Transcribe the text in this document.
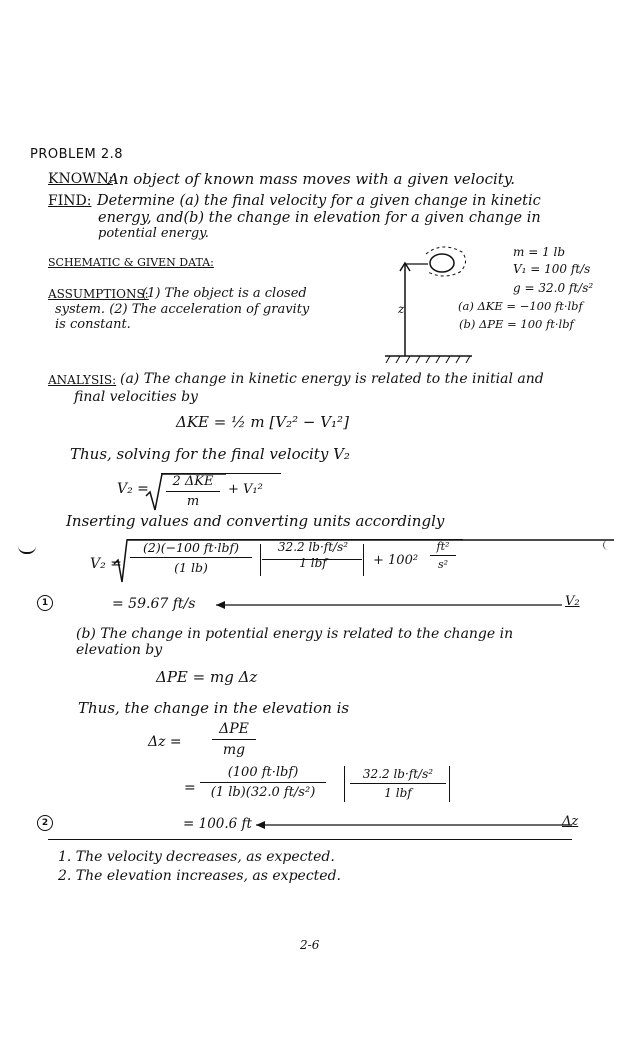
PROBLEM 2.8
KNOWN:
An object of known mass moves with a given velocity.
FIND: Determine (a) the final velocity for a given change in kinetic
energy, and(b) the change in elevation for a given change in
potential energy.
SCHEMATIC & GIVEN DATA:
z
m = 1 lb
V₁ = 100 ft/s
g = 32.0 ft/s²
(a) ΔKE = −100 ft·lbf
(b) ΔPE = 100 ft·lbf
ASSUMPTIONS:
(1) The object is a closed
system. (2) The acceleration of gravity
is constant.
ANALYSIS: (a) The change in kinetic energy is related to the initial and
final velocities by
ΔKE = ½ m [V₂² − V₁²]
Thus, solving for the final velocity V₂
V₂ =	2 ΔKE
m
+ V₁²
Inserting values and converting units accordingly
V₂ =
(2)(−100 ft·lbf)
(1 lb)
32.2 lb·ft/s²
1 lbf	+ 100²
ft²
s²
1	= 59.67 ft/s	V₂
(b) The change in potential energy is related to the change in
elevation by
ΔPE = mg Δz
Thus, the change in the elevation is
Δz =
ΔPE
mg
=
(100 ft·lbf)
(1 lb)(32.0 ft/s²)
32.2 lb·ft/s²
1 lbf
2	= 100.6 ft	Δz
1. The velocity decreases, as expected.
2. The elevation increases, as expected.
2-6
